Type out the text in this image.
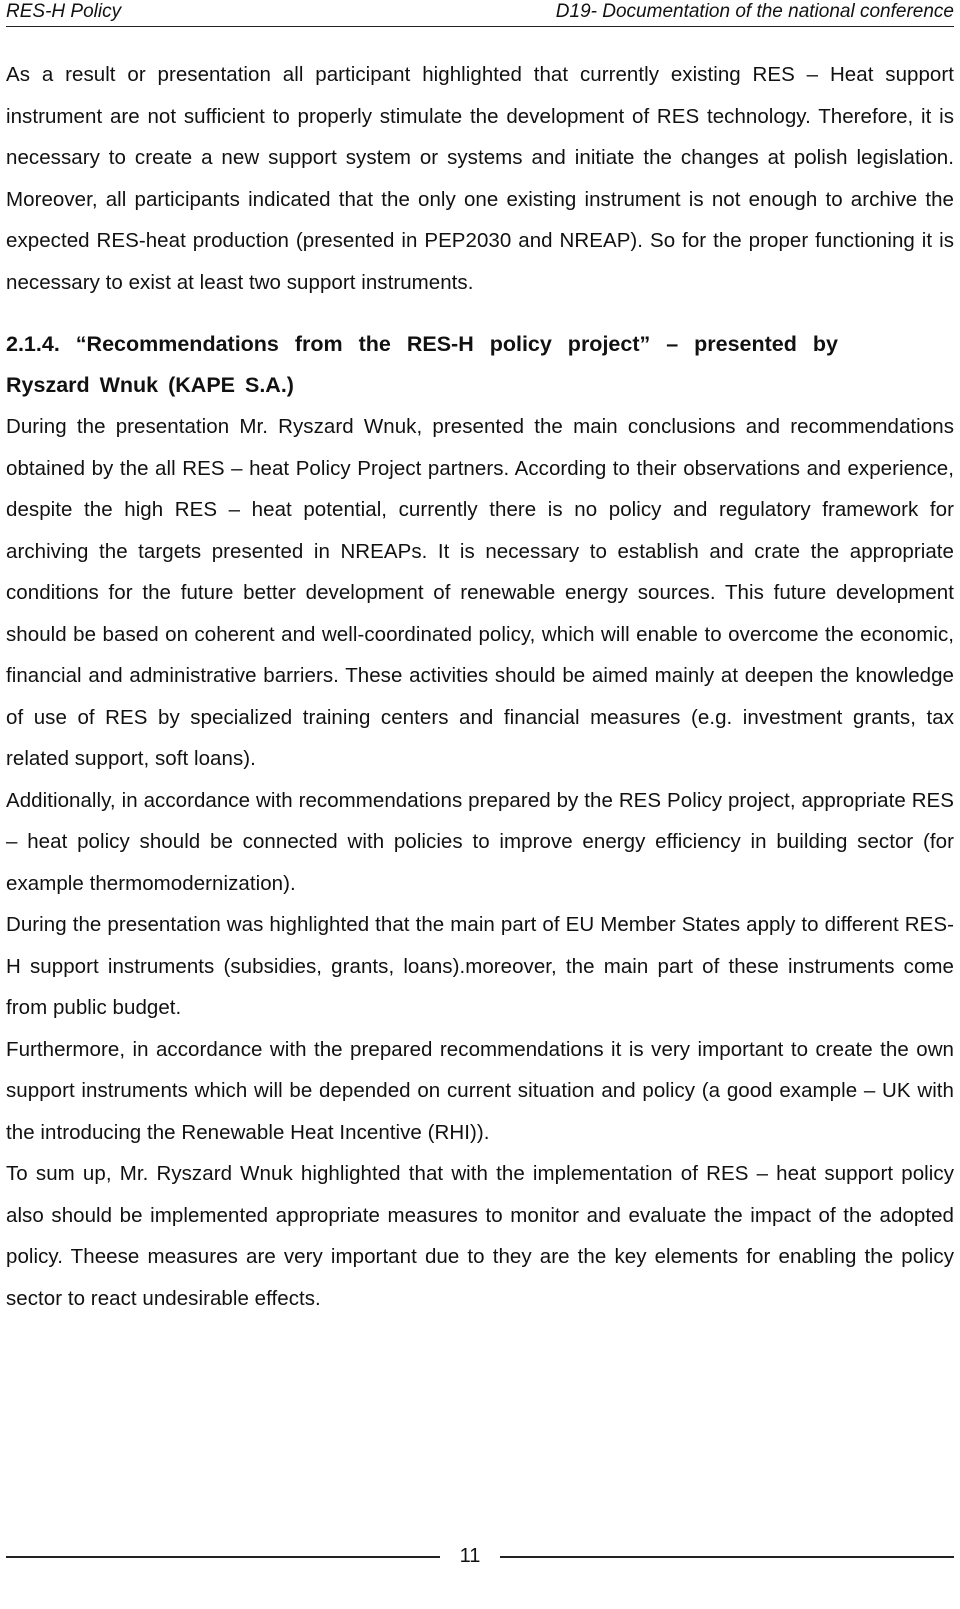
RES-H Policy	D19- Documentation of the national conference

As a result or presentation all participant highlighted that currently existing RES – Heat support instrument are not sufficient to properly stimulate the development of RES technology. Therefore, it is necessary to create a new support system or systems and initiate the changes at polish legislation. Moreover, all participants indicated that the only one existing instrument is not enough to archive the expected RES-heat production (presented in PEP2030 and NREAP). So for the proper functioning it is necessary to exist at least two support instruments.

2.1.4. “Recommendations from the RES-H policy project” – presented by
Ryszard Wnuk (KAPE S.A.)

During the presentation Mr. Ryszard Wnuk, presented the main conclusions and recommendations obtained by the all RES – heat Policy Project partners. According to their observations and experience, despite the high RES – heat potential, currently there is no policy and regulatory framework for archiving the targets presented in NREAPs. It is necessary to establish and crate the appropriate conditions for the future better development of renewable energy sources. This future development should be based on coherent and well-coordinated policy, which will enable to overcome the economic, financial and administrative barriers. These activities should be aimed mainly at deepen the knowledge of use of RES by specialized training centers and financial measures (e.g. investment grants, tax related support, soft loans).

Additionally, in accordance with recommendations prepared by the RES Policy project, appropriate RES – heat policy should be connected with policies to improve energy efficiency in building sector (for example thermomodernization).

During the presentation was highlighted that the main part of EU Member States apply to different RES-H support instruments (subsidies, grants, loans).moreover, the main part of these instruments come from public budget.

Furthermore, in accordance with the prepared recommendations it is very important to create the own support instruments which will be depended on current situation and policy (a good example – UK with the introducing the Renewable Heat Incentive (RHI)).

To sum up, Mr. Ryszard Wnuk highlighted that with the implementation of RES – heat support policy also should be implemented appropriate measures to monitor and evaluate the impact of the adopted policy. Theese measures are very important due to they are the key elements for enabling the policy sector to react undesirable effects.

11
